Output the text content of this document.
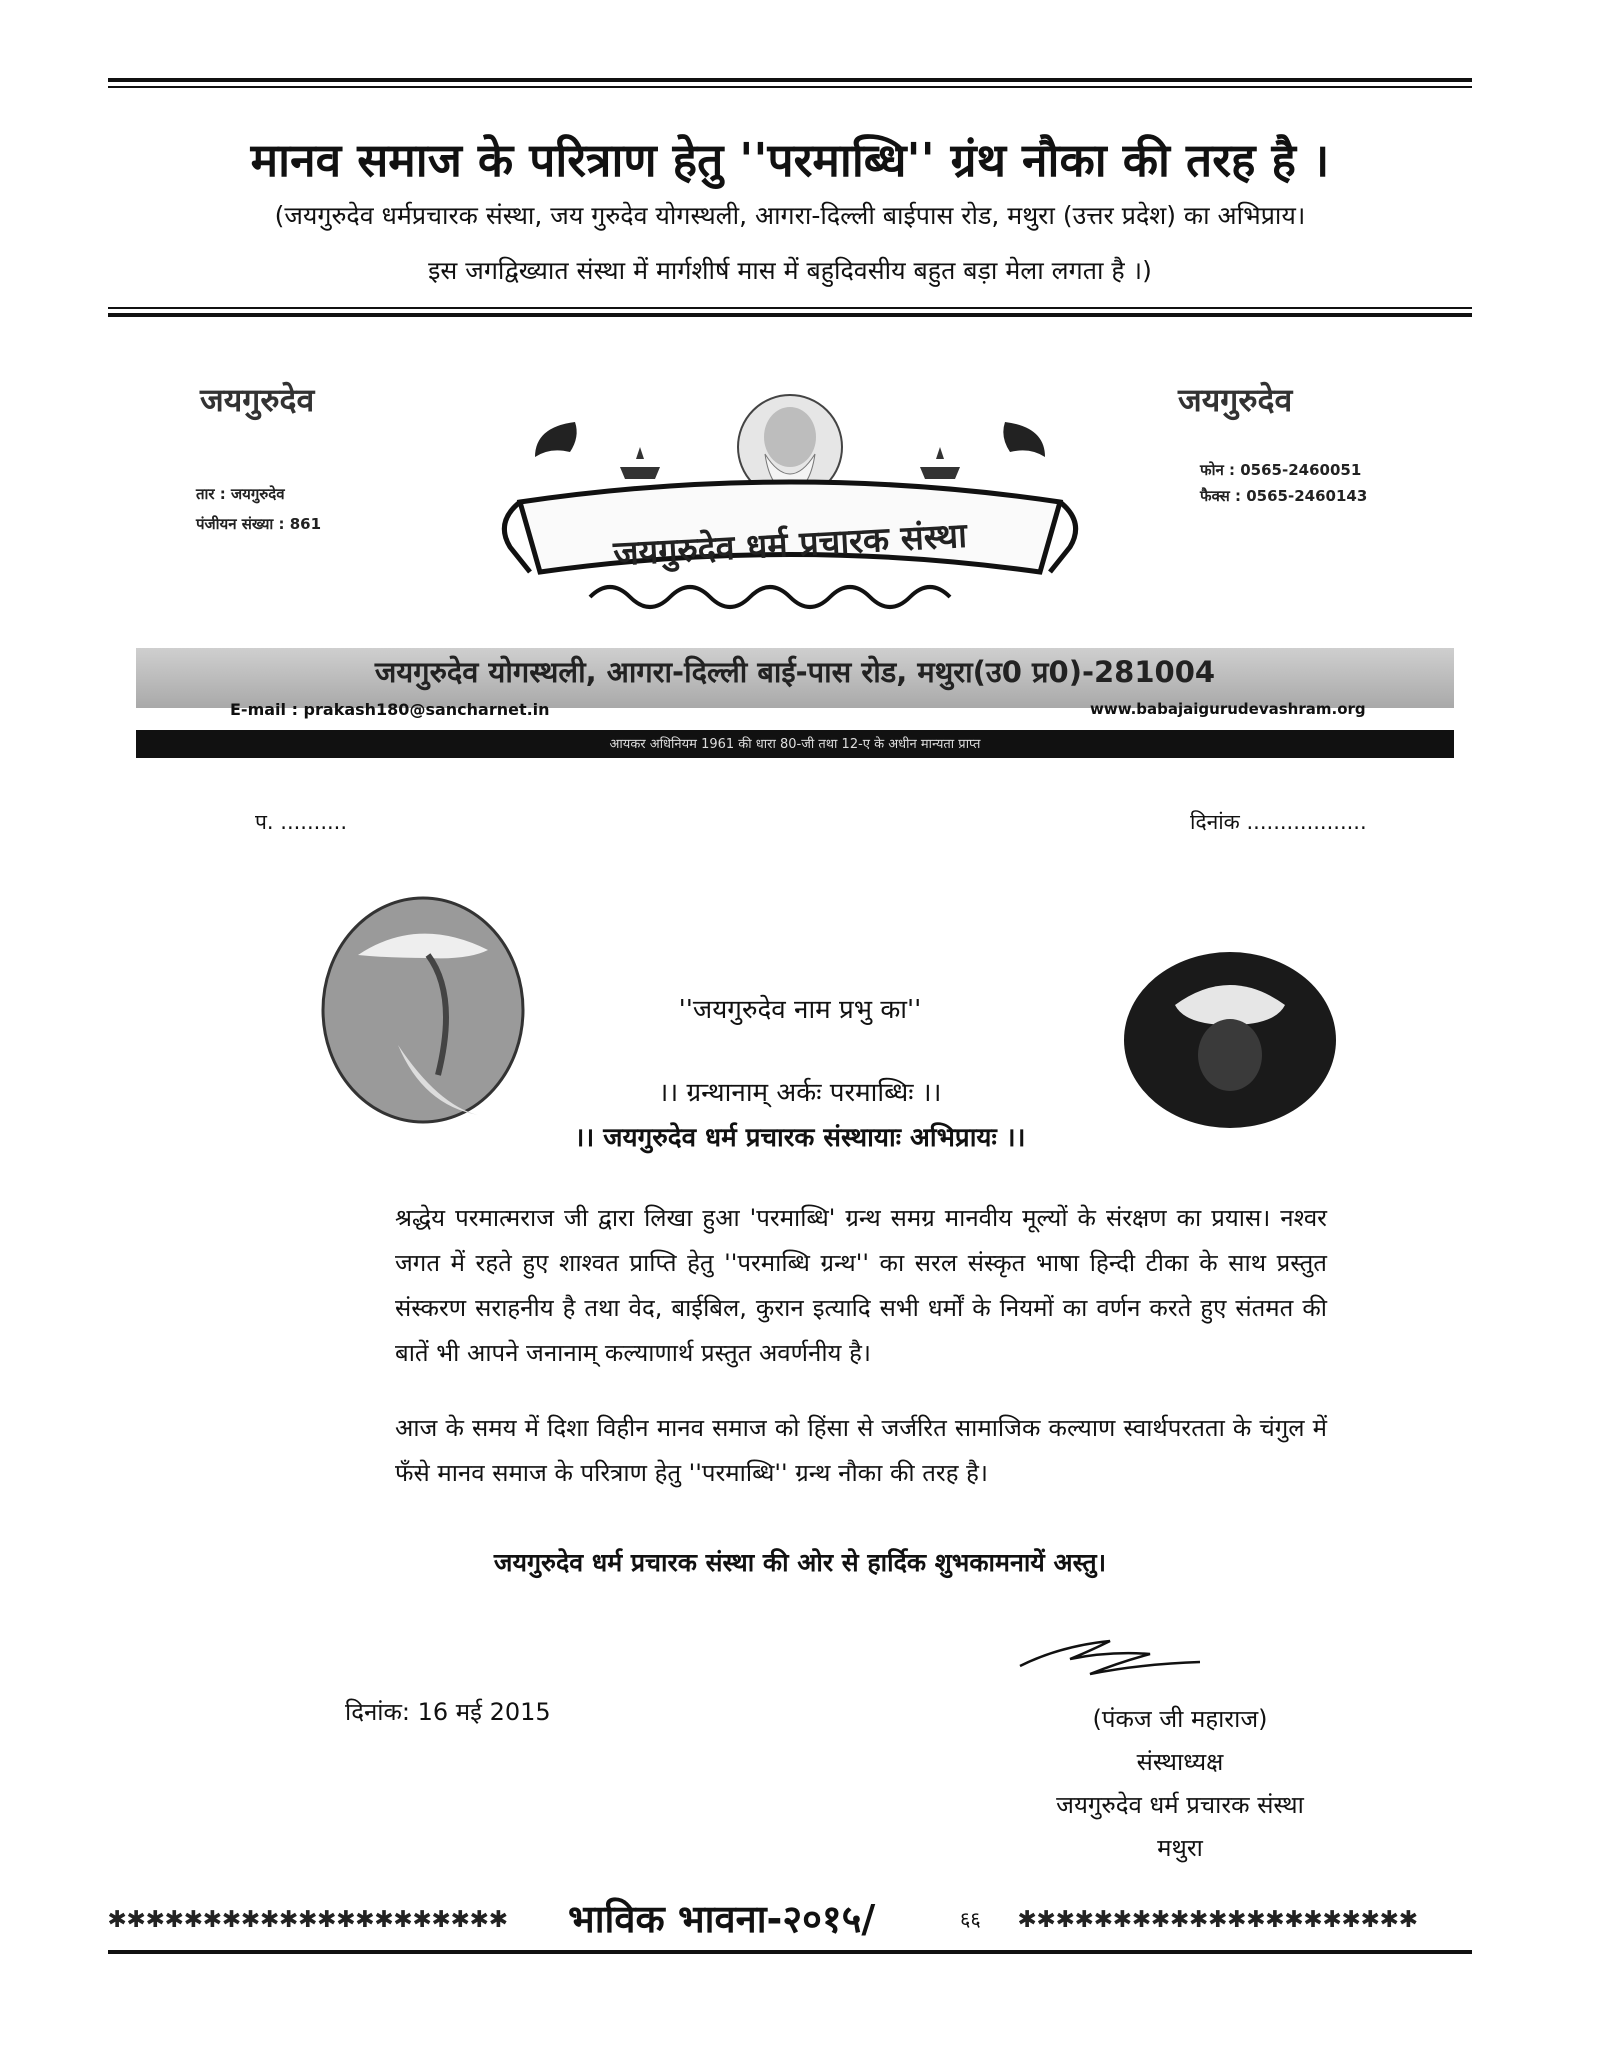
मानव समाज के परित्राण हेतु ''परमाब्धि'' ग्रंथ नौका की तरह है ।
(जयगुरुदेव धर्मप्रचारक संस्था, जय गुरुदेव योगस्थली, आगरा-दिल्ली बाईपास रोड, मथुरा (उत्तर प्रदेश) का अभिप्राय।
इस जगद्विख्यात संस्था में मार्गशीर्ष मास में बहुदिवसीय बहुत बड़ा मेला लगता है ।)
जयगुरुदेव	जयगुरुदेव
तार : जयगुरुदेव
पंजीयन संख्या : 861
फोन : 0565-2460051
फैक्स : 0565-2460143
जयगुरुदेव धर्म प्रचारक संस्था
जयगुरुदेव योगस्थली, आगरा-दिल्ली बाई-पास रोड, मथुरा(उ0 प्र0)-281004
E-mail : prakash180@sancharnet.in	www.babajaigurudevashram.org
आयकर अधिनियम 1961 की धारा 80-जी तथा 12-ए के अधीन मान्यता प्राप्त
प. ..........	दिनांक ..................
''जयगुरुदेव नाम प्रभु का''
।। ग्रन्थानाम् अर्कः परमाब्धिः ।।
।। जयगुरुदेव धर्म प्रचारक संस्थायाः अभिप्रायः ।।

श्रद्धेय परमात्मराज जी द्वारा लिखा हुआ 'परमाब्धि' ग्रन्थ समग्र मानवीय मूल्यों के संरक्षण का प्रयास। नश्वर जगत में रहते हुए शाश्वत प्राप्ति हेतु ''परमाब्धि ग्रन्थ'' का सरल संस्कृत भाषा हिन्दी टीका के साथ प्रस्तुत संस्करण सराहनीय है तथा वेद, बाईबिल, कुरान इत्यादि सभी धर्मों के नियमों का वर्णन करते हुए संतमत की बातें भी आपने जनानाम् कल्याणार्थ प्रस्तुत अवर्णनीय है।

आज के समय में दिशा विहीन मानव समाज को हिंसा से जर्जरित सामाजिक कल्याण स्वार्थपरतता के चंगुल में फँसे मानव समाज के परित्राण हेतु ''परमाब्धि'' ग्रन्थ नौका की तरह है।

जयगुरुदेव धर्म प्रचारक संस्था की ओर से हार्दिक शुभकामनायें अस्तु।
दिनांक: 16 मई 2015	(पंकज जी महाराज)
संस्थाध्यक्ष
जयगुरुदेव धर्म प्रचारक संस्था
मथुरा
✱✱✱✱✱✱✱✱✱✱✱✱✱✱✱✱✱✱✱✱✱	भाविक भावना-२०१५/	६६ ✱✱✱✱✱✱✱✱✱✱✱✱✱✱✱✱✱✱✱✱✱
